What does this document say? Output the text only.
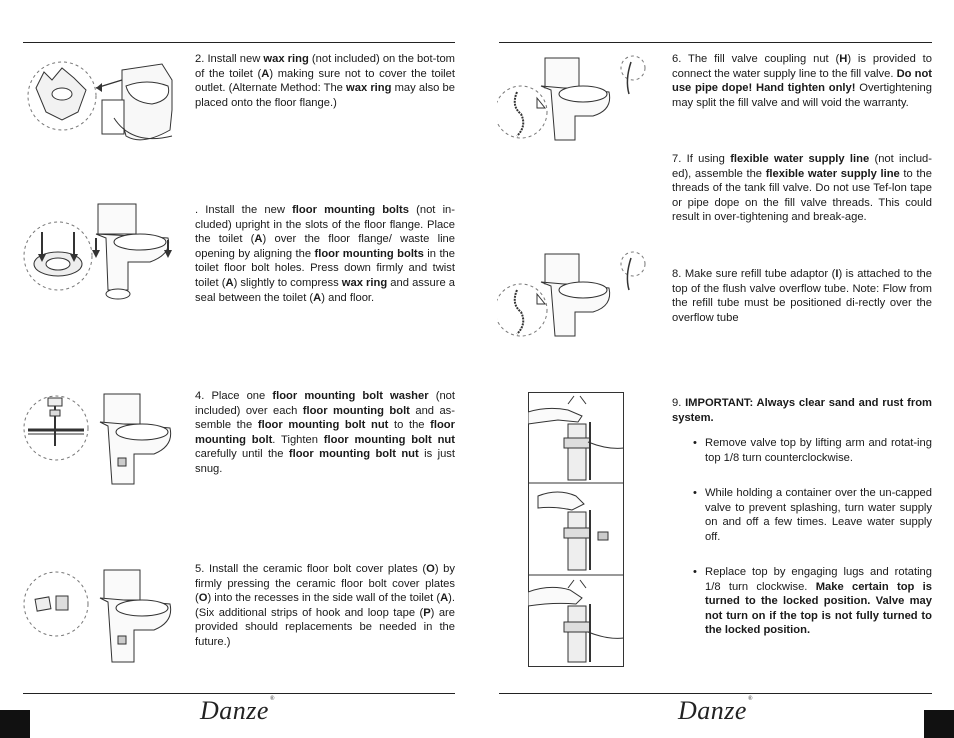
2. Install new wax ring (not included) on the bot-tom of the toilet (A) making sure not to cover the toilet outlet. (Alternate Method: The wax ring may also be placed onto the floor flange.)
. Install the new floor mounting bolts (not in-cluded) upright in the slots of the floor flange. Place the toilet (A) over the floor flange/ waste line opening by aligning the floor mounting bolts in the toilet floor bolt holes. Press down firmly and twist toilet (A) slightly to compress wax ring and assure a seal between the toilet (A) and floor.
4. Place one floor mounting bolt washer (not included) over each floor mounting bolt and as-semble the floor mounting bolt nut to the floor mounting bolt. Tighten floor mounting bolt nut carefully until the floor mounting bolt nut is just snug.
5. Install the ceramic floor bolt cover plates (O) by firmly pressing the ceramic floor bolt cover plates (O) into the recesses in the side wall of the toilet (A). (Six additional strips of hook and loop tape (P) are provided should replacements be needed in the future.)
6. The fill valve coupling nut (H) is provided to connect the water supply line to the fill valve. Do not use pipe dope! Hand tighten only! Overtightening may split the fill valve and will void the warranty.
7. If using flexible water supply line (not includ-ed), assemble the flexible water supply line to the threads of the tank fill valve. Do not use Tef-lon tape or pipe dope on the fill valve threads. This could result in over-tightening and break-age.
8. Make sure refill tube adaptor (I) is attached to the top of the flush valve overflow tube. Note: Flow from the refill tube must be positioned di-rectly over the overflow tube
9. IMPORTANT: Always clear sand and rust from system.
• Remove valve top by lifting arm and rotat-ing top 1/8 turn counterclockwise.
• While holding a container over the un-capped valve to prevent splashing, turn water supply on and off a few times. Leave water supply off.
• Replace top by engaging lugs and rotating 1/8 turn clockwise. Make certain top is turned to the locked position. Valve may not turn on if the top is not fully turned to the locked position.
Danze®	Danze®
